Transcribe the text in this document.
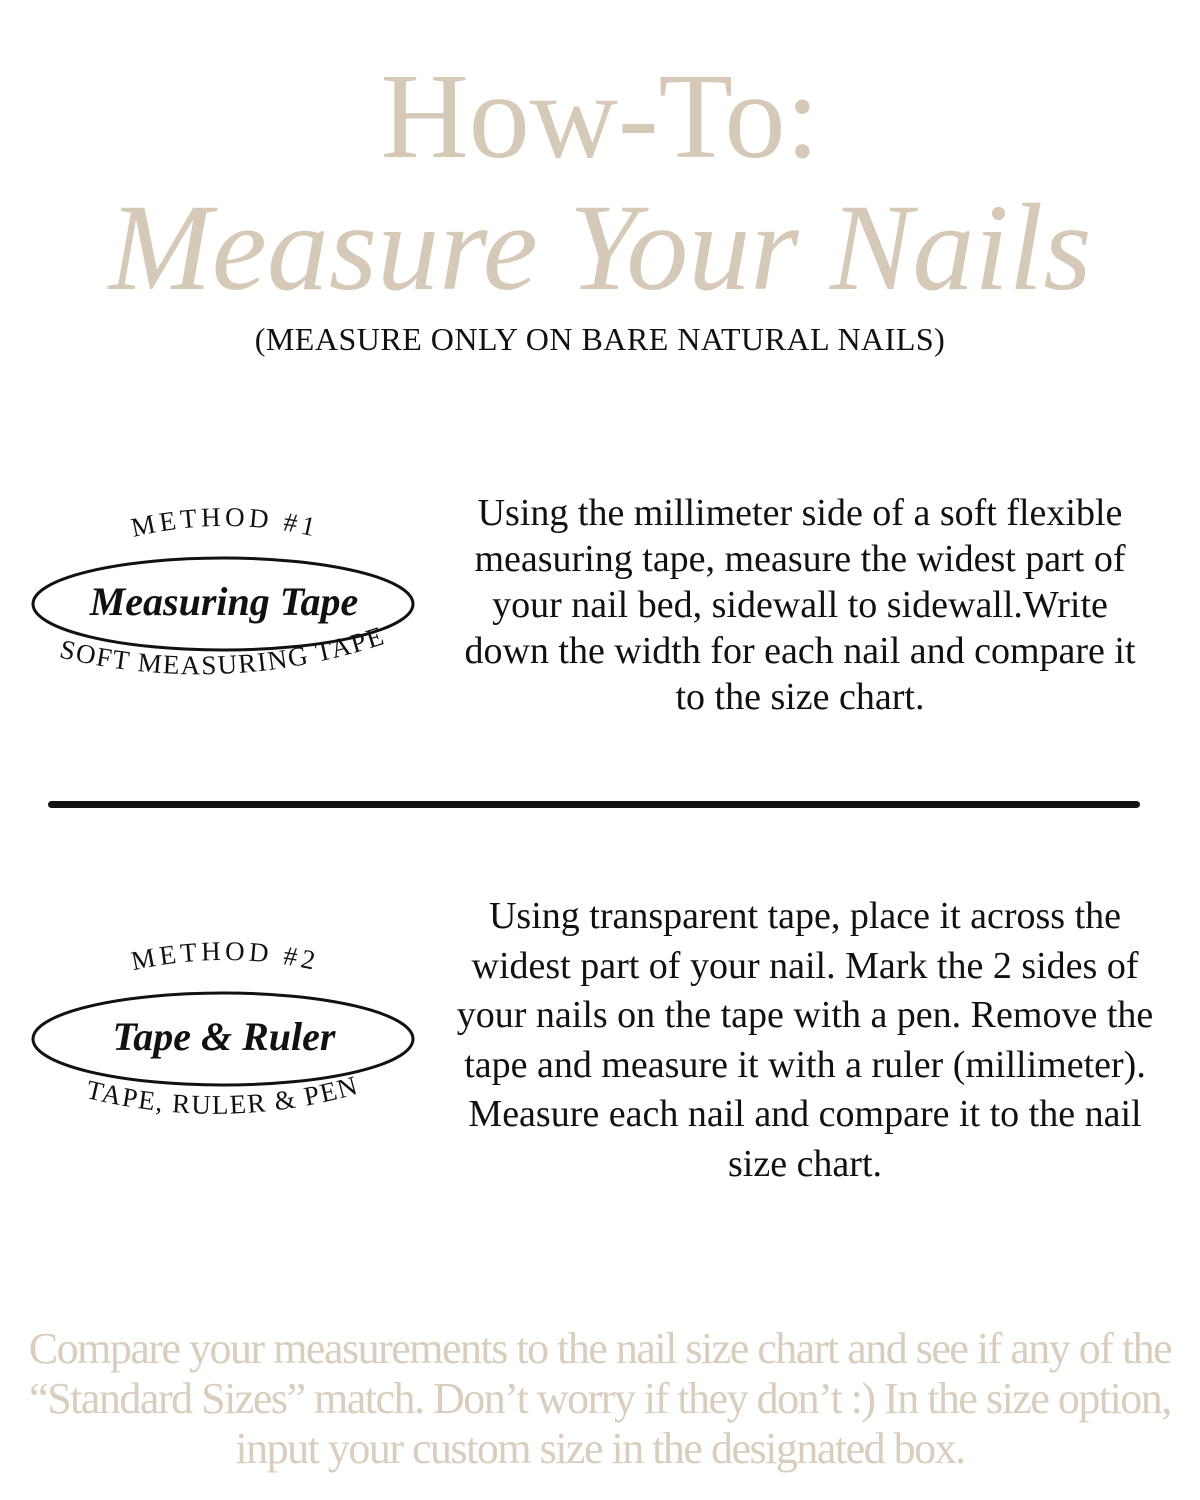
How-To:
Measure Your Nails
(MEASURE ONLY ON BARE NATURAL NAILS)
METHOD #1
SOFT MEASURING TAPE
Measuring Tape
Using the millimeter side of a soft flexible measuring tape, measure the widest part of your nail bed, sidewall to sidewall.Write down the width for each nail and compare it to the size chart.
METHOD #2
TAPE, RULER & PEN
Tape & Ruler
Using transparent tape, place it across the widest part of your nail. Mark the 2 sides of your nails on the tape with a pen. Remove the tape and measure it with a ruler (millimeter). Measure each nail and compare it to the nail size chart.
Compare your measurements to the nail size chart and see if any of the “Standard Sizes” match. Don’t worry if they don’t :) In the size option, input your custom size in the designated box.
